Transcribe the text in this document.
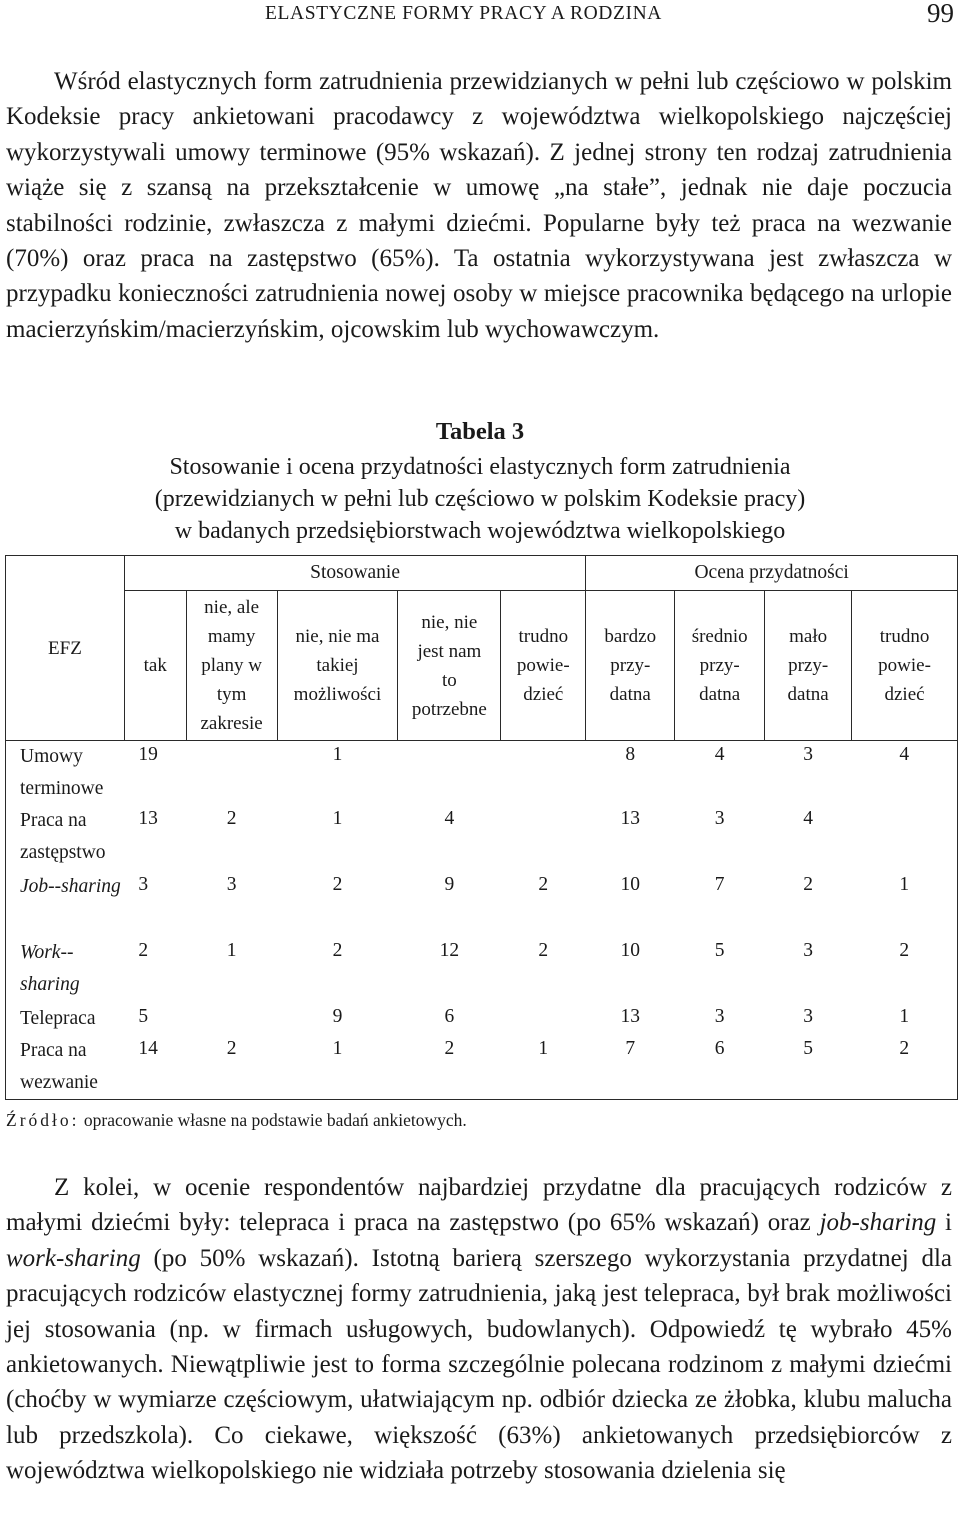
ELASTYCZNE FORMY PRACY A RODZINA	99
Wśród elastycznych form zatrudnienia przewidzianych w pełni lub częściowo w polskim Kodeksie pracy ankietowani pracodawcy z województwa wielkopolskiego najczęściej wykorzystywali umowy terminowe (95% wskazań). Z jednej strony ten rodzaj zatrudnienia wiąże się z szansą na przekształcenie w umowę „na stałe”, jednak nie daje poczucia stabilności rodzinie, zwłaszcza z małymi dziećmi. Popularne były też praca na wezwanie (70%) oraz praca na zastępstwo (65%). Ta ostatnia wykorzystywana jest zwłaszcza w przypadku konieczności zatrudnienia nowej osoby w miejsce pracownika będącego na urlopie macierzyńskim/macierzyńskim, ojcowskim lub wychowawczym.
Tabela 3
Stosowanie i ocena przydatności elastycznych form zatrudnienia
(przewidzianych w pełni lub częściowo w polskim Kodeksie pracy)
w badanych przedsiębiorstwach województwa wielkopolskiego
EFZ	Stosowanie					Ocena przydatności			
	tak	nie, ale mamy plany w tym zakresie	nie, nie ma takiej możliwości	nie, nie jest nam to potrzebne	trudno powie-dzieć	bardzo przy-datna	średnio przy-datna	mało przy-datna	trudno powie-dzieć
Umowy terminowe	19		1			8	4	3	4
Praca na zastępstwo	13	2	1	4		13	3	4	
Job--sharing	3	3	2	9	2	10	7	2	1
Work--sharing	2	1	2	12	2	10	5	3	2
Telepraca	5		9	6		13	3	3	1
Praca na wezwanie	14	2	1	2	1	7	6	5	2
Źródło: opracowanie własne na podstawie badań ankietowych.
Z kolei, w ocenie respondentów najbardziej przydatne dla pracujących rodziców z małymi dziećmi były: telepraca i praca na zastępstwo (po 65% wskazań) oraz job-sharing i work-sharing (po 50% wskazań). Istotną barierą szerszego wykorzystania przydatnej dla pracujących rodziców elastycznej formy zatrudnienia, jaką jest telepraca, był brak możliwości jej stosowania (np. w firmach usługowych, budowlanych). Odpowiedź tę wybrało 45% ankietowanych. Niewątpliwie jest to forma szczególnie polecana rodzinom z małymi dziećmi (choćby w wymiarze częściowym, ułatwiającym np. odbiór dziecka ze żłobka, klubu malucha lub przedszkola). Co ciekawe, większość (63%) ankietowanych przedsiębiorców z województwa wielkopolskiego nie widziała potrzeby stosowania dzielenia się
